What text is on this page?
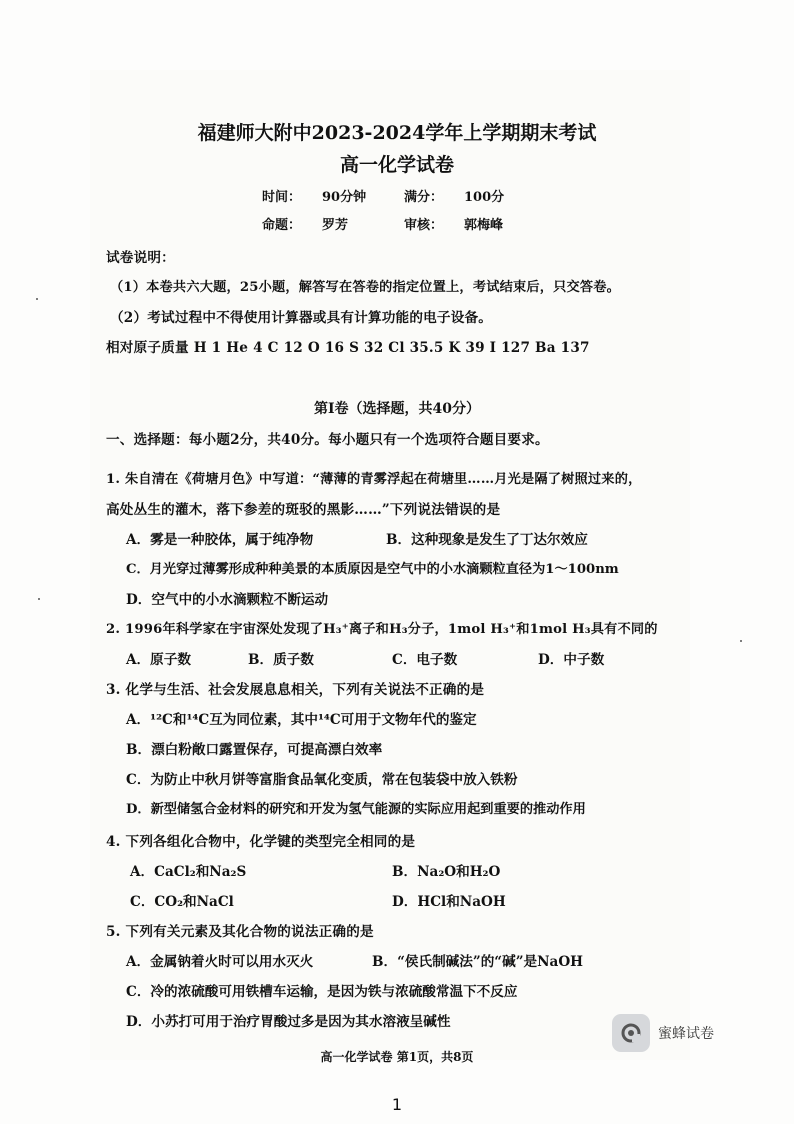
福建师大附中2023-2024学年上学期期末考试
高一化学试卷
时间： 90分钟	满分： 100分
命题： 罗芳	审核： 郭梅峰
试卷说明：
（1）本卷共六大题，25小题，解答写在答卷的指定位置上，考试结束后，只交答卷。
（2）考试过程中不得使用计算器或具有计算功能的电子设备。
相对原子质量 H 1 He 4 C 12 O 16 S 32 Cl 35.5 K 39 I 127 Ba 137
第Ⅰ卷（选择题，共40分）
一、选择题：每小题2分，共40分。每小题只有一个选项符合题目要求。
1. 朱自清在《荷塘月色》中写道：“薄薄的青雾浮起在荷塘里……月光是隔了树照过来的，
高处丛生的灌木，落下参差的斑驳的黑影……”下列说法错误的是
A．雾是一种胶体，属于纯净物	B．这种现象是发生了丁达尔效应
C．月光穿过薄雾形成种种美景的本质原因是空气中的小水滴颗粒直径为1～100nm
D．空气中的小水滴颗粒不断运动
2. 1996年科学家在宇宙深处发现了H₃⁺离子和H₃分子，1mol H₃⁺和1mol H₃具有不同的
A．原子数	B．质子数	C．电子数	D．中子数
3. 化学与生活、社会发展息息相关，下列有关说法不正确的是
A．¹²C和¹⁴C互为同位素，其中¹⁴C可用于文物年代的鉴定
B．漂白粉敞口露置保存，可提高漂白效率
C．为防止中秋月饼等富脂食品氧化变质，常在包装袋中放入铁粉
D．新型储氢合金材料的研究和开发为氢气能源的实际应用起到重要的推动作用
4. 下列各组化合物中，化学键的类型完全相同的是
A．CaCl₂和Na₂S	B．Na₂O和H₂O
C．CO₂和NaCl	D．HCl和NaOH
5. 下列有关元素及其化合物的说法正确的是
A．金属钠着火时可以用水灭火	B．“侯氏制碱法”的“碱”是NaOH
C．冷的浓硫酸可用铁槽车运输，是因为铁与浓硫酸常温下不反应
D．小苏打可用于治疗胃酸过多是因为其水溶液呈碱性
蜜蜂试卷
高一化学试卷 第1页，共8页
1
